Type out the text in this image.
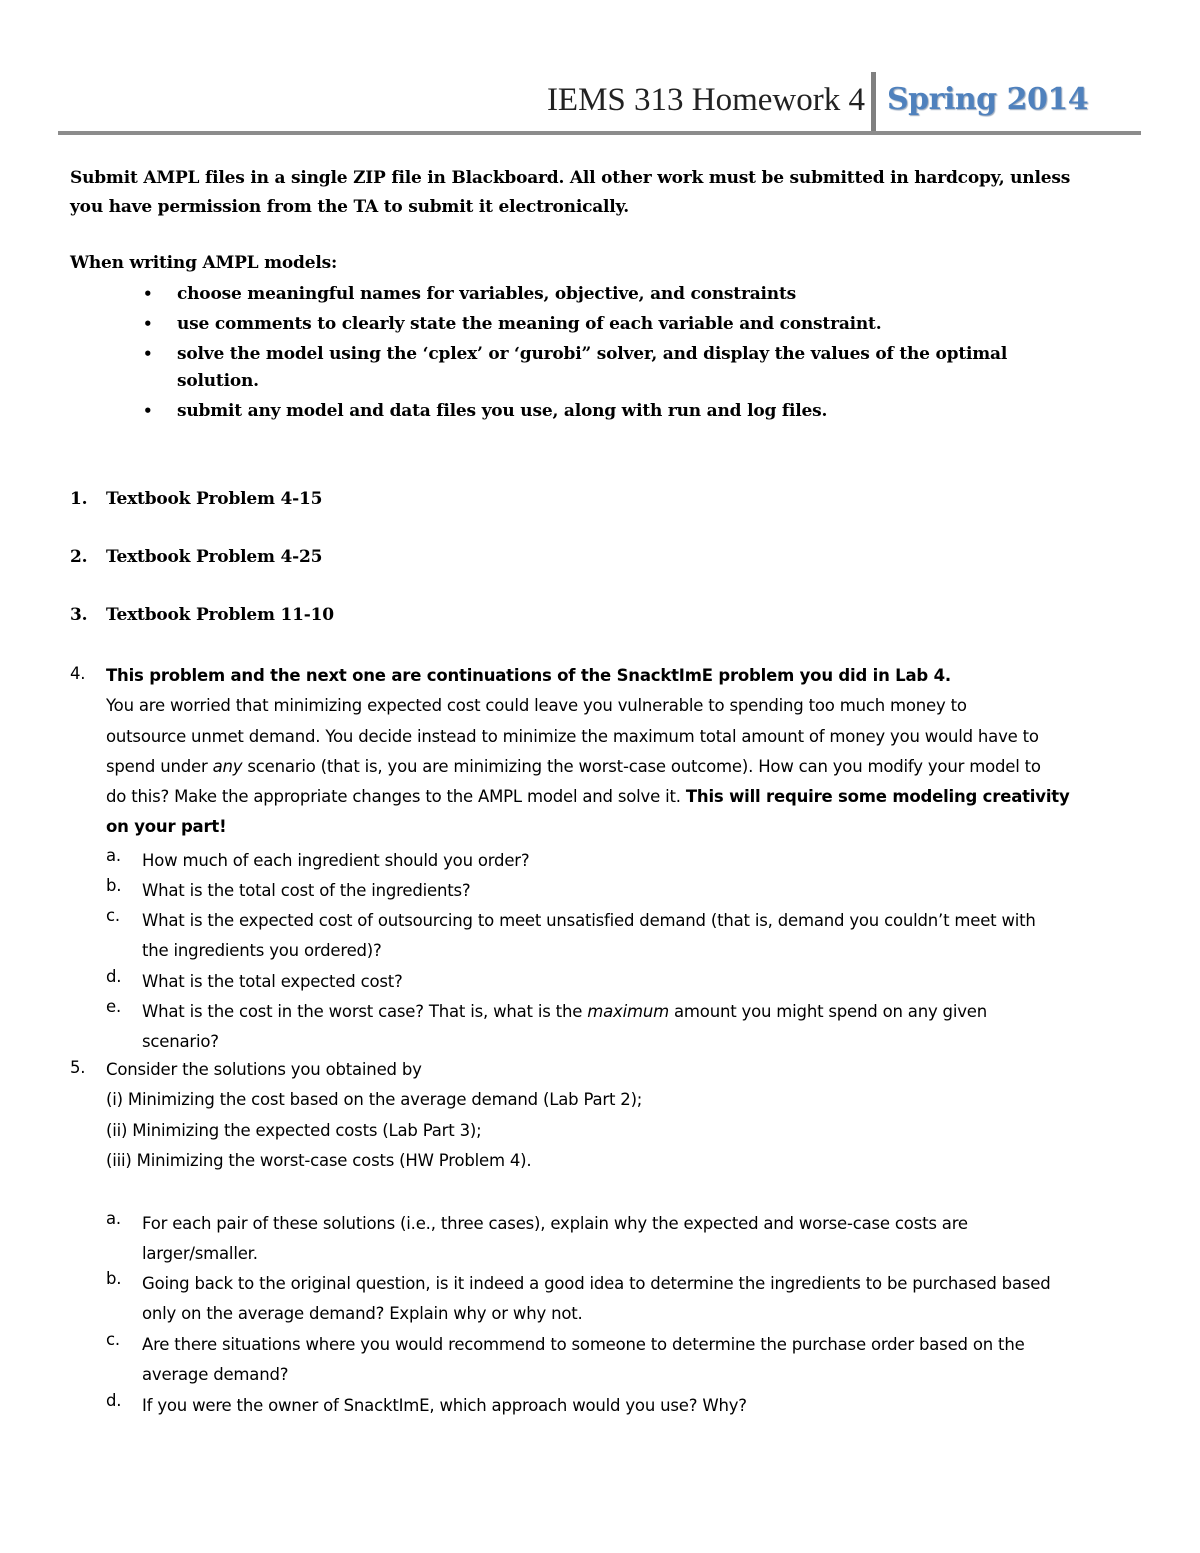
IEMS 313 Homework 4 Spring 2014
Submit AMPL files in a single ZIP file in Blackboard. All other work must be submitted in hardcopy, unless
you have permission from the TA to submit it electronically.
When writing AMPL models:
• choose meaningful names for variables, objective, and constraints
• use comments to clearly state the meaning of each variable and constraint.
• solve the model using the ‘cplex’ or ‘gurobi” solver, and display the values of the optimal
solution.
• submit any model and data files you use, along with run and log files.
1. Textbook Problem 4-15
2. Textbook Problem 4-25
3. Textbook Problem 11-10
4.	This problem and the next one are continuations of the SnacktImE problem you did in Lab 4.
You are worried that minimizing expected cost could leave you vulnerable to spending too much money to
outsource unmet demand. You decide instead to minimize the maximum total amount of money you would have to
spend under any scenario (that is, you are minimizing the worst-case outcome). How can you modify your model to
do this? Make the appropriate changes to the AMPL model and solve it. This will require some modeling creativity
on your part!
a. How much of each ingredient should you order?
b. What is the total cost of the ingredients?
c. What is the expected cost of outsourcing to meet unsatisfied demand (that is, demand you couldn’t meet with
the ingredients you ordered)?
d. What is the total expected cost?
e. What is the cost in the worst case? That is, what is the maximum amount you might spend on any given
scenario?
5.	Consider the solutions you obtained by
(i) Minimizing the cost based on the average demand (Lab Part 2);
(ii) Minimizing the expected costs (Lab Part 3);
(iii) Minimizing the worst-case costs (HW Problem 4).
a. For each pair of these solutions (i.e., three cases), explain why the expected and worse-case costs are
larger/smaller.
b. Going back to the original question, is it indeed a good idea to determine the ingredients to be purchased based
only on the average demand? Explain why or why not.
c. Are there situations where you would recommend to someone to determine the purchase order based on the
average demand?
d. If you were the owner of SnacktImE, which approach would you use? Why?
